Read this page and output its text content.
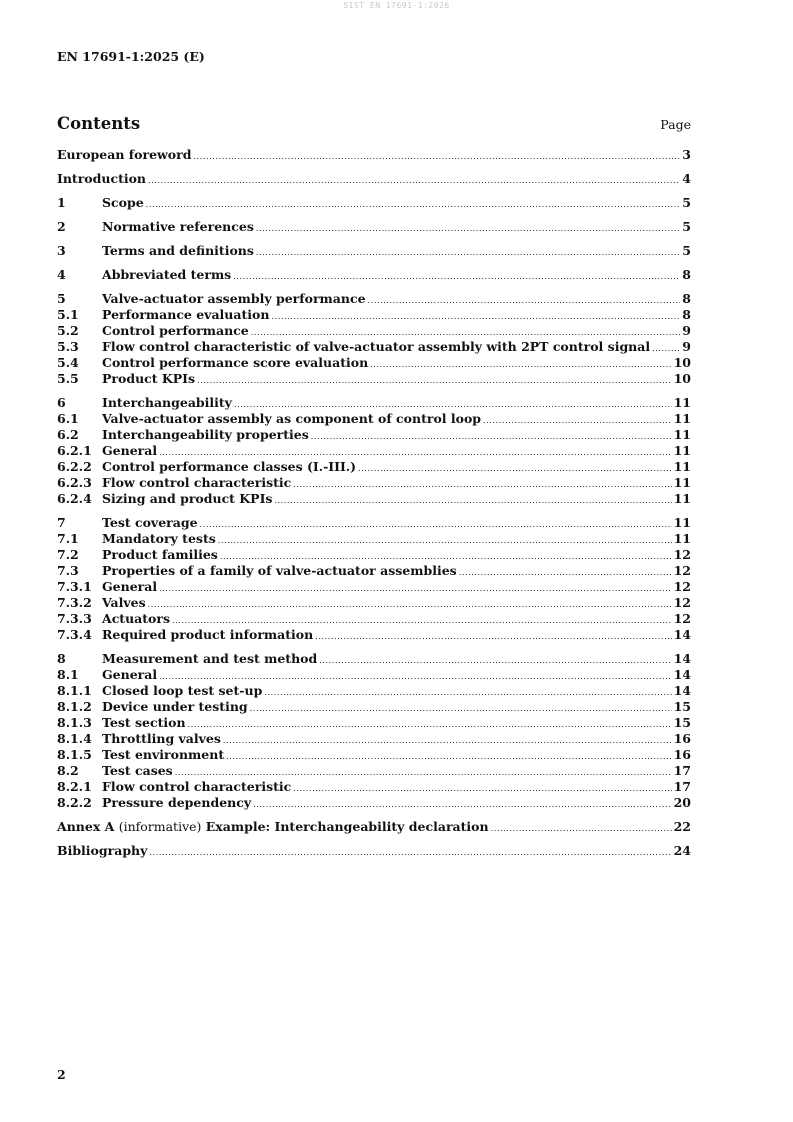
SIST EN 17691-1:2026
EN 17691-1:2025 (E)
Contents	Page
European foreword .....	3
Introduction .....	4
1	Scope .....	5
2	Normative references .....	5
3	Terms and definitions .....	5
4	Abbreviated terms .....	8
5	Valve-actuator assembly performance .....	8
5.1	Performance evaluation .....	8
5.2	Control performance .....	9
5.3	Flow control characteristic of valve-actuator assembly with 2PT control signal .....	9
5.4	Control performance score evaluation .....	10
5.5	Product KPIs .....	10
6	Interchangeability .....	11
6.1	Valve-actuator assembly as component of control loop .....	11
6.2	Interchangeability properties .....	11
6.2.1 General .....	11
6.2.2 Control performance classes (I.-III.) .....	11
6.2.3 Flow control characteristic .....	11
6.2.4 Sizing and product KPIs .....	11
7	Test coverage .....	11
7.1	Mandatory tests .....	11
7.2	Product families .....	12
7.3	Properties of a family of valve-actuator assemblies .....	12
7.3.1 General .....	12
7.3.2 Valves .....	12
7.3.3 Actuators .....	12
7.3.4 Required product information .....	14
8	Measurement and test method .....	14
8.1	General .....	14
8.1.1 Closed loop test set-up .....	14
8.1.2 Device under testing .....	15
8.1.3 Test section .....	15
8.1.4 Throttling valves .....	16
8.1.5 Test environment .....	16
8.2	Test cases .....	17
8.2.1 Flow control characteristic .....	17
8.2.2 Pressure dependency .....	20
Annex A (informative) Example: Interchangeability declaration .....	22
Bibliography .....	24
2
